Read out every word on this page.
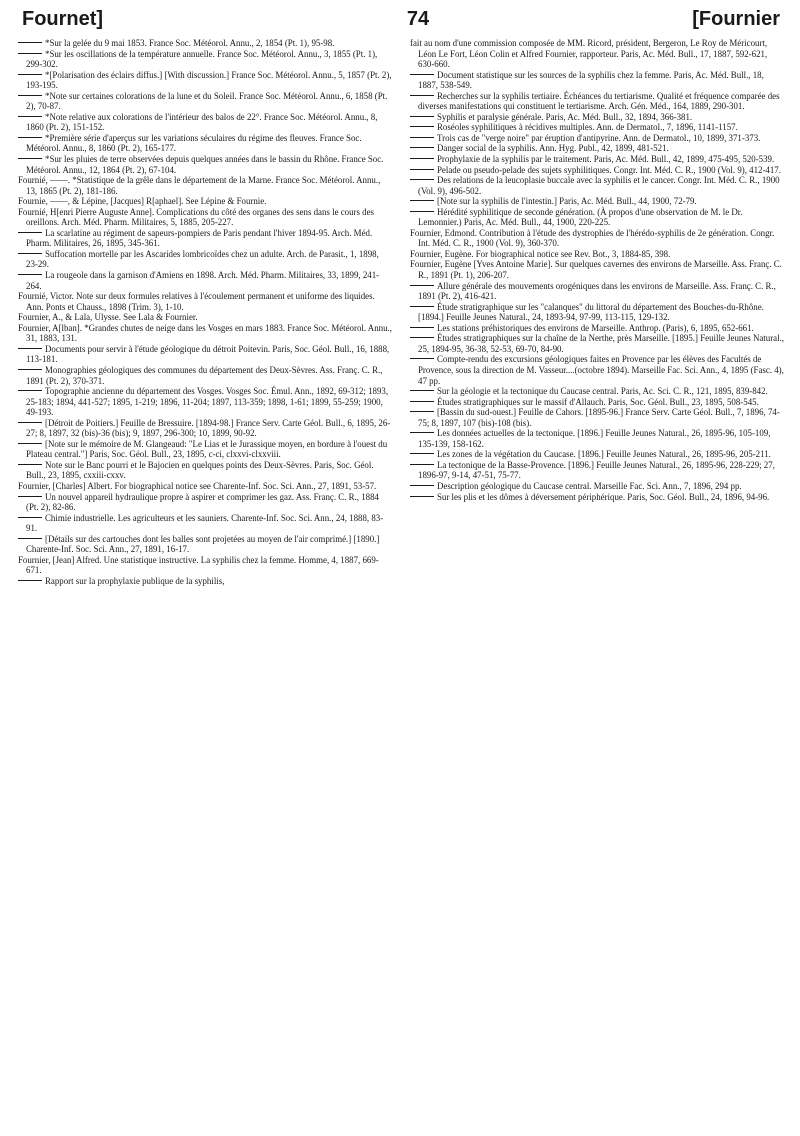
Fournet]	74	[Fournier

*Sur la gelée du 9 mai 1853. France Soc. Météorol. Annu., 2, 1854 (Pt. 1), 95-98.

*Sur les oscillations de la température annuelle. France Soc. Météorol. Annu., 3, 1855 (Pt. 1), 299-302.

*[Polarisation des éclairs diffus.] [With discussion.] France Soc. Météorol. Annu., 5, 1857 (Pt. 2), 193-195.

*Note sur certaines colorations de la lune et du Soleil. France Soc. Météorol. Annu., 6, 1858 (Pt. 2), 70-87.

*Note relative aux colorations de l'intérieur des balos de 22°. France Soc. Météorol. Annu., 8, 1860 (Pt. 2), 151-152.

*Première série d'aperçus sur les variations séculaires du régime des fleuves. France Soc. Météorol. Annu., 8, 1860 (Pt. 2), 165-177.

*Sur les pluies de terre observées depuis quelques années dans le bassin du Rhône. France Soc. Météorol. Annu., 12, 1864 (Pt. 2), 67-104.

Fournié, ——. *Statistique de la grêle dans le département de la Marne. France Soc. Météorol. Annu., 13, 1865 (Pt. 2), 181-186.

Fournie, ——, & Lépine, [Jacques] R[aphael]. See Lépine & Fournie.

Fournié, H[enri Pierre Auguste Anne]. Complications du côté des organes des sens dans le cours des oreillons. Arch. Méd. Pharm. Militaires, 5, 1885, 205-227.

La scarlatine au régiment de sapeurs-pompiers de Paris pendant l'hiver 1894-95. Arch. Méd. Pharm. Militaires, 26, 1895, 345-361.

Suffocation mortelle par les Ascarides lombricoïdes chez un adulte. Arch. de Parasit., 1, 1898, 23-29.

La rougeole dans la garnison d'Amiens en 1898. Arch. Méd. Pharm. Militaires, 33, 1899, 241-264.

Fournié, Victor. Note sur deux formules relatives à l'écoulement permanent et uniforme des liquides. Ann. Ponts et Chauss., 1898 (Trim. 3), 1-10.

Fournier, A., & Lala, Ulysse. See Lala & Fournier.

Fournier, A[lban]. *Grandes chutes de neige dans les Vosges en mars 1883. France Soc. Météorol. Annu., 31, 1883, 131.

Documents pour servir à l'étude géologique du détroit Poitevin. Paris, Soc. Géol. Bull., 16, 1888, 113-181.

Monographies géologiques des communes du département des Deux-Sèvres. Ass. Franç. C. R., 1891 (Pt. 2), 370-371.

Topographie ancienne du département des Vosges. Vosges Soc. Émul. Ann., 1892, 69-312; 1893, 25-183; 1894, 441-527; 1895, 1-219; 1896, 11-204; 1897, 113-359; 1898, 1-61; 1899, 55-259; 1900, 49-193.

[Détroit de Poitiers.] Feuille de Bressuire. [1894-98.] France Serv. Carte Géol. Bull., 6, 1895, 26-27; 8, 1897, 32 (bis)-36 (bis); 9, 1897, 296-300; 10, 1899, 90-92.

[Note sur le mémoire de M. Glangeaud: "Le Lias et le Jurassique moyen, en bordure à l'ouest du Plateau central."] Paris, Soc. Géol. Bull., 23, 1895, c-ci, clxxvi-clxxviii.

Note sur le Banc pourri et le Bajocien en quelques points des Deux-Sèvres. Paris, Soc. Géol. Bull., 23, 1895, cxxiii-cxxv.

Fournier, [Charles] Albert. For biographical notice see Charente-Inf. Soc. Sci. Ann., 27, 1891, 53-57.

Un nouvel appareil hydraulique propre à aspirer et comprimer les gaz. Ass. Franç. C. R., 1884 (Pt. 2), 82-86.

Chimie industrielle. Les agriculteurs et les sauniers. Charente-Inf. Soc. Sci. Ann., 24, 1888, 83-91.

[Détails sur des cartouches dont les balles sont projetées au moyen de l'air comprimé.] [1890.] Charente-Inf. Soc. Sci. Ann., 27, 1891, 16-17.

Fournier, [Jean] Alfred. Une statistique instructive. La syphilis chez la femme. Homme, 4, 1887, 669-671.

Rapport sur la prophylaxie publique de la syphilis,

fait au nom d'une commission composée de MM. Ricord, président, Bergeron, Le Roy de Méricourt, Léon Le Fort, Léon Colin et Alfred Fournier, rapporteur. Paris, Ac. Méd. Bull., 17, 1887, 592-621, 630-660.

Document statistique sur les sources de la syphilis chez la femme. Paris, Ac. Méd. Bull., 18, 1887, 538-549.

Recherches sur la syphilis tertiaire. Échéances du tertiarisme. Qualité et fréquence comparée des diverses manifestations qui constituent le tertiarisme. Arch. Gén. Méd., 164, 1889, 290-301.

Syphilis et paralysie générale. Paris, Ac. Méd. Bull., 32, 1894, 366-381.

Roséoles syphilitiques à récidives multiples. Ann. de Dermatol., 7, 1896, 1141-1157.

Trois cas de "verge noire" par éruption d'antipyrine. Ann. de Dermatol., 10, 1899, 371-373.

Danger social de la syphilis. Ann. Hyg. Publ., 42, 1899, 481-521.

Prophylaxie de la syphilis par le traitement. Paris, Ac. Méd. Bull., 42, 1899, 475-495, 520-539.

Pelade ou pseudo-pelade des sujets syphilitiques. Congr. Int. Méd. C. R., 1900 (Vol. 9), 412-417.

Des relations de la leucoplasie buccale avec la syphilis et le cancer. Congr. Int. Méd. C. R., 1900 (Vol. 9), 496-502.

[Note sur la syphilis de l'intestin.] Paris, Ac. Méd. Bull., 44, 1900, 72-79.

Hérédité syphilitique de seconde génération. (À propos d'une observation de M. le Dr. Lemonnier.) Paris, Ac. Méd. Bull., 44, 1900, 220-225.

Fournier, Edmond. Contribution à l'étude des dystrophies de l'hérédo-syphilis de 2e génération. Congr. Int. Méd. C. R., 1900 (Vol. 9), 360-370.

Fournier, Eugène. For biographical notice see Rev. Bot., 3, 1884-85, 398.

Fournier, Eugène [Yves Antoine Marie]. Sur quelques cavernes des environs de Marseille. Ass. Franç. C. R., 1891 (Pt. 1), 206-207.

Allure générale des mouvements orogéniques dans les environs de Marseille. Ass. Franç. C. R., 1891 (Pt. 2), 416-421.

Étude stratigraphique sur les "calanques" du littoral du département des Bouches-du-Rhône. [1894.] Feuille Jeunes Natural., 24, 1893-94, 97-99, 113-115, 129-132.

Les stations préhistoriques des environs de Marseille. Anthrop. (Paris), 6, 1895, 652-661.

Études stratigraphiques sur la chaîne de la Nerthe, près Marseille. [1895.] Feuille Jeunes Natural., 25, 1894-95, 36-38, 52-53, 69-70, 84-90.

Compte-rendu des excursions géologiques faites en Provence par les élèves des Facultés de Provence, sous la direction de M. Vasseur....(octobre 1894). Marseille Fac. Sci. Ann., 4, 1895 (Fasc. 4), 47 pp.

Sur la géologie et la tectonique du Caucase central. Paris, Ac. Sci. C. R., 121, 1895, 839-842.

Études stratigraphiques sur le massif d'Allauch. Paris, Soc. Géol. Bull., 23, 1895, 508-545.

[Bassin du sud-ouest.] Feuille de Cahors. [1895-96.] France Serv. Carte Géol. Bull., 7, 1896, 74-75; 8, 1897, 107 (bis)-108 (bis).

Les données actuelles de la tectonique. [1896.] Feuille Jeunes Natural., 26, 1895-96, 105-109, 135-139, 158-162.

Les zones de la végétation du Caucase. [1896.] Feuille Jeunes Natural., 26, 1895-96, 205-211.

La tectonique de la Basse-Provence. [1896.] Feuille Jeunes Natural., 26, 1895-96, 228-229; 27, 1896-97, 9-14, 47-51, 75-77.

Description géologique du Caucase central. Marseille Fac. Sci. Ann., 7, 1896, 294 pp.

Sur les plis et les dômes à déversement périphérique. Paris, Soc. Géol. Bull., 24, 1896, 94-96.
